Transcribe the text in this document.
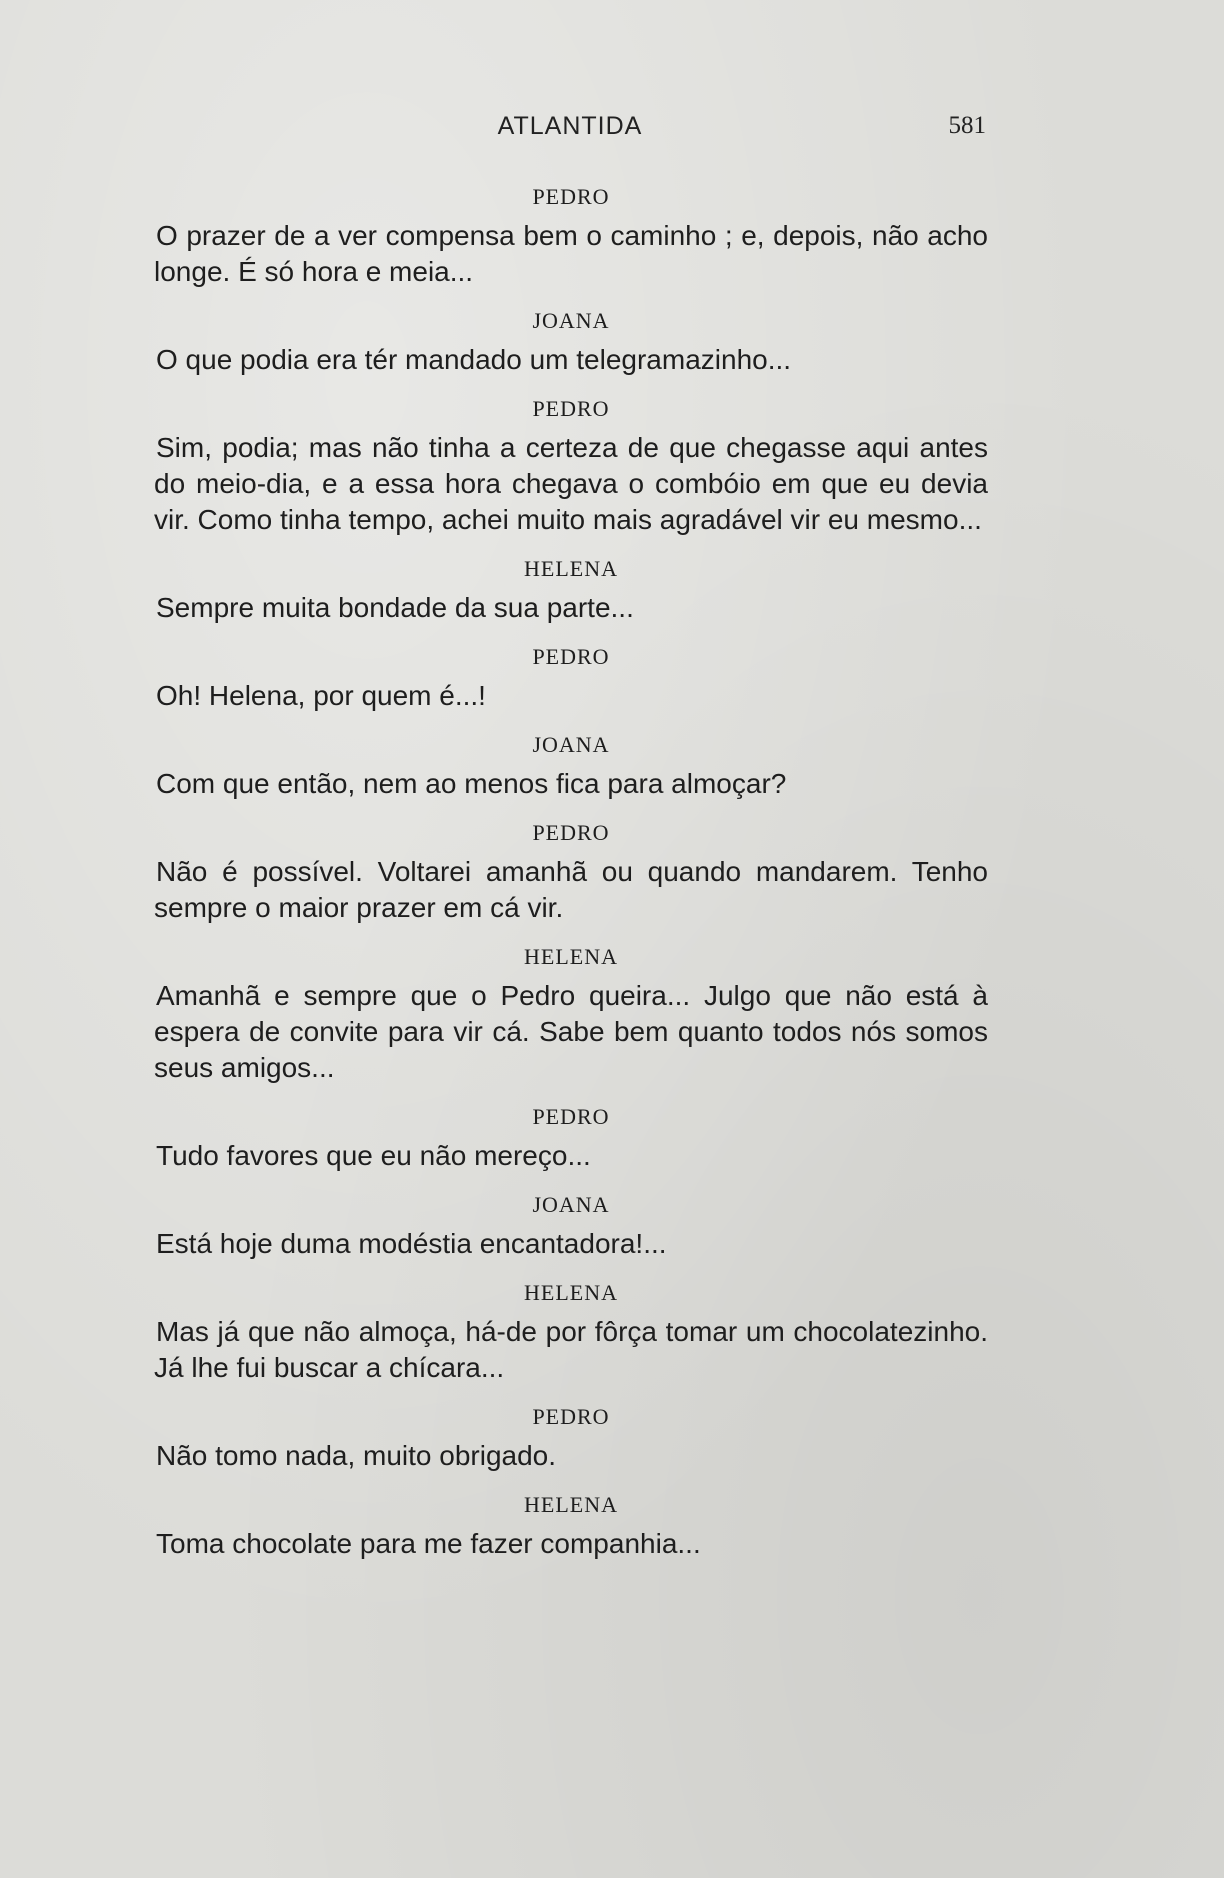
ATLANTIDA	581
PEDRO
O prazer de a ver compensa bem o caminho ; e, depois, não acho longe. É só hora e meia...
JOANA
O que podia era tér mandado um telegramazinho...
PEDRO
Sim, podia; mas não tinha a certeza de que chegasse aqui antes do meio-dia, e a essa hora chegava o combóio em que eu devia vir. Como tinha tempo, achei muito mais agradável vir eu mesmo...
HELENA
Sempre muita bondade da sua parte...
PEDRO
Oh! Helena, por quem é...!
JOANA
Com que então, nem ao menos fica para almoçar?
PEDRO
Não é possível. Voltarei amanhã ou quando mandarem. Tenho sempre o maior prazer em cá vir.
HELENA
Amanhã e sempre que o Pedro queira... Julgo que não está à espera de convite para vir cá. Sabe bem quanto todos nós somos seus amigos...
PEDRO
Tudo favores que eu não mereço...
JOANA
Está hoje duma modéstia encantadora!...
HELENA
Mas já que não almoça, há-de por fôrça tomar um chocolatezinho. Já lhe fui buscar a chícara...
PEDRO
Não tomo nada, muito obrigado.
HELENA
Toma chocolate para me fazer companhia...
